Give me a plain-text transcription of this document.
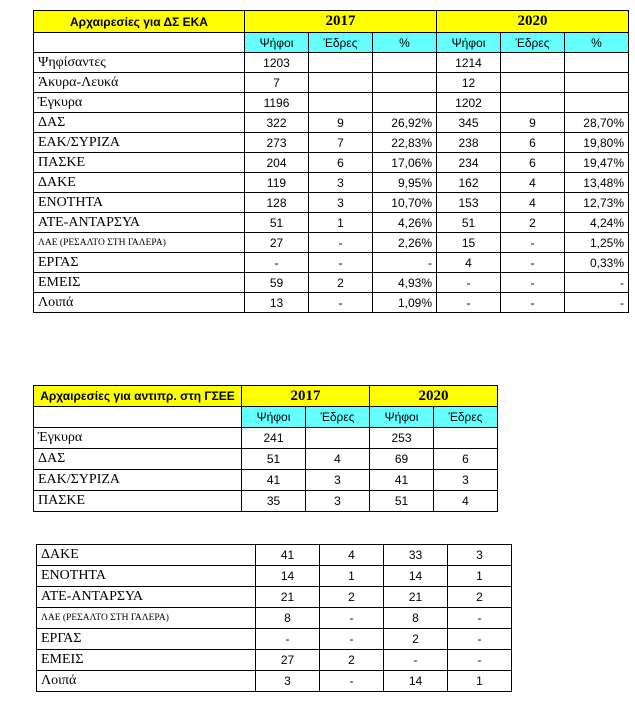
Αρχαιρεσίες για ΔΣ ΕΚΑ	2017			2020		
	Ψήφοι	Έδρες	%	Ψήφοι	Έδρες	%
Ψηφίσαντες	1203			1214		
Άκυρα-Λευκά	7			12		
Έγκυρα	1196			1202		
ΔΑΣ	322	9	26,92%	345	9	28,70%
ΕΑΚ/ΣΥΡΙΖΑ	273	7	22,83%	238	6	19,80%
ΠΑΣΚΕ	204	6	17,06%	234	6	19,47%
ΔΑΚΕ	119	3	9,95%	162	4	13,48%
ΕΝΟΤΗΤΑ	128	3	10,70%	153	4	12,73%
ΑΤΕ-ΑΝΤΑΡΣΥΑ	51	1	4,26%	51	2	4,24%
ΛΑΕ (ΡΕΣΑΛΤΟ ΣΤΗ ΓΑΛΕΡΑ)	27	-	2,26%	15	-	1,25%
ΕΡΓΑΣ	-	-	-	4	-	0,33%
ΕΜΕΙΣ	59	2	4,93%	-	-	-
Λοιπά	13	-	1,09%	-	-	-
Αρχαιρεσίες για αντιπρ. στη ΓΣΕΕ	2017		2020	
	Ψήφοι	Έδρες	Ψήφοι	Έδρες
Έγκυρα	241		253	
ΔΑΣ	51	4	69	6
ΕΑΚ/ΣΥΡΙΖΑ	41	3	41	3
ΠΑΣΚΕ	35	3	51	4
ΔΑΚΕ	41	4	33	3
ΕΝΟΤΗΤΑ	14	1	14	1
ΑΤΕ-ΑΝΤΑΡΣΥΑ	21	2	21	2
ΛΑΕ (ΡΕΣΑΛΤΟ ΣΤΗ ΓΑΛΕΡΑ)	8	-	8	-
ΕΡΓΑΣ	-	-	2	-
ΕΜΕΙΣ	27	2	-	-
Λοιπά	3	-	14	1
